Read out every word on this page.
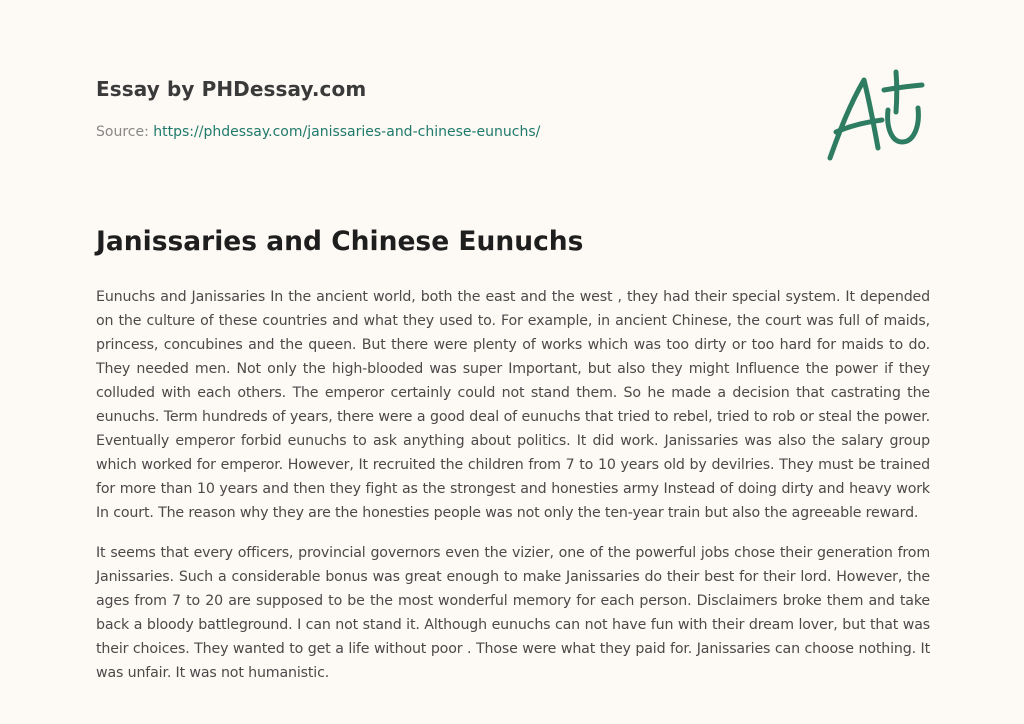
Essay by PHDessay.com
Source: https://phdessay.com/janissaries-and-chinese-eunuchs/
Janissaries and Chinese Eunuchs

Eunuchs and Janissaries In the ancient world, both the east and the west , they had their special system. It depended on the culture of these countries and what they used to. For example, in ancient Chinese, the court was full of maids, princess, concubines and the queen. But there were plenty of works which was too dirty or too hard for maids to do. They needed men. Not only the high-blooded was super Important, but also they might Influence the power if they colluded with each others. The emperor certainly could not stand them. So he made a decision that castrating the eunuchs. Term hundreds of years, there were a good deal of eunuchs that tried to rebel, tried to rob or steal the power. Eventually emperor forbid eunuchs to ask anything about politics. It did work. Janissaries was also the salary group which worked for emperor. However, It recruited the children from 7 to 10 years old by devilries. They must be trained for more than 10 years and then they fight as the strongest and honesties army Instead of doing dirty and heavy work In court. The reason why they are the honesties people was not only the ten-year train but also the agreeable reward.

It seems that every officers, provincial governors even the vizier, one of the powerful jobs chose their generation from Janissaries. Such a considerable bonus was great enough to make Janissaries do their best for their lord. However, the ages from 7 to 20 are supposed to be the most wonderful memory for each person. Disclaimers broke them and take back a bloody battleground. I can not stand it. Although eunuchs can not have fun with their dream lover, but that was their choices. They wanted to get a life without poor . Those were what they paid for. Janissaries can choose nothing. It was unfair. It was not humanistic.
